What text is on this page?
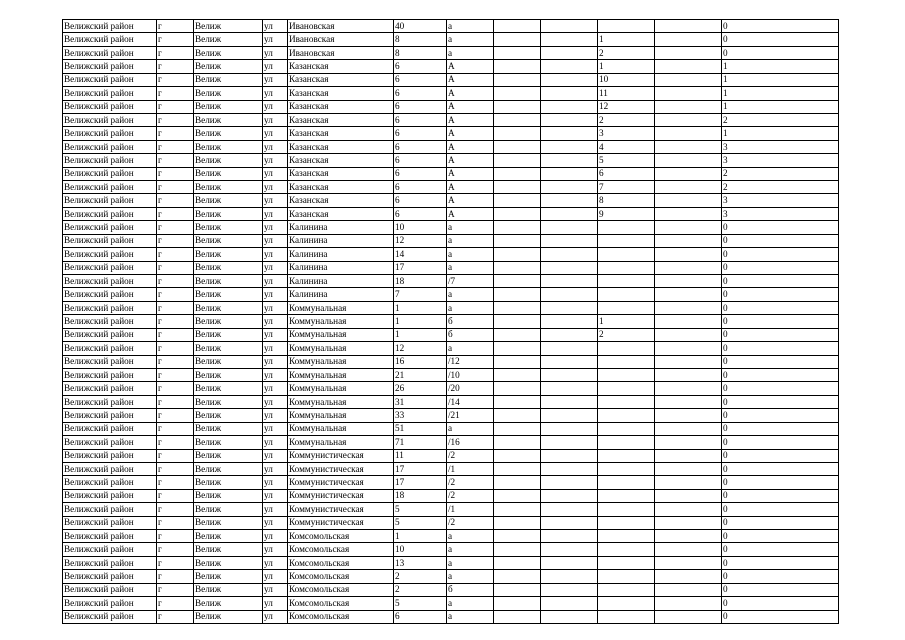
Велижский район	г	Велиж	ул	Ивановская	40	а					0
Велижский район	г	Велиж	ул	Ивановская	8	а			1		0
Велижский район	г	Велиж	ул	Ивановская	8	а			2		0
Велижский район	г	Велиж	ул	Казанская	6	А			1		1
Велижский район	г	Велиж	ул	Казанская	6	А			10		1
Велижский район	г	Велиж	ул	Казанская	6	А			11		1
Велижский район	г	Велиж	ул	Казанская	6	А			12		1
Велижский район	г	Велиж	ул	Казанская	6	А			2		2
Велижский район	г	Велиж	ул	Казанская	6	А			3		1
Велижский район	г	Велиж	ул	Казанская	6	А			4		3
Велижский район	г	Велиж	ул	Казанская	6	А			5		3
Велижский район	г	Велиж	ул	Казанская	6	А			6		2
Велижский район	г	Велиж	ул	Казанская	6	А			7		2
Велижский район	г	Велиж	ул	Казанская	6	А			8		3
Велижский район	г	Велиж	ул	Казанская	6	А			9		3
Велижский район	г	Велиж	ул	Калинина	10	а					0
Велижский район	г	Велиж	ул	Калинина	12	а					0
Велижский район	г	Велиж	ул	Калинина	14	а					0
Велижский район	г	Велиж	ул	Калинина	17	а					0
Велижский район	г	Велиж	ул	Калинина	18	/7					0
Велижский район	г	Велиж	ул	Калинина	7	а					0
Велижский район	г	Велиж	ул	Коммунальная	1	а					0
Велижский район	г	Велиж	ул	Коммунальная	1	б			1		0
Велижский район	г	Велиж	ул	Коммунальная	1	б			2		0
Велижский район	г	Велиж	ул	Коммунальная	12	а					0
Велижский район	г	Велиж	ул	Коммунальная	16	/12					0
Велижский район	г	Велиж	ул	Коммунальная	21	/10					0
Велижский район	г	Велиж	ул	Коммунальная	26	/20					0
Велижский район	г	Велиж	ул	Коммунальная	31	/14					0
Велижский район	г	Велиж	ул	Коммунальная	33	/21					0
Велижский район	г	Велиж	ул	Коммунальная	51	а					0
Велижский район	г	Велиж	ул	Коммунальная	71	/16					0
Велижский район	г	Велиж	ул	Коммунистическая	11	/2					0
Велижский район	г	Велиж	ул	Коммунистическая	17	/1					0
Велижский район	г	Велиж	ул	Коммунистическая	17	/2					0
Велижский район	г	Велиж	ул	Коммунистическая	18	/2					0
Велижский район	г	Велиж	ул	Коммунистическая	5	/1					0
Велижский район	г	Велиж	ул	Коммунистическая	5	/2					0
Велижский район	г	Велиж	ул	Комсомольская	1	а					0
Велижский район	г	Велиж	ул	Комсомольская	10	а					0
Велижский район	г	Велиж	ул	Комсомольская	13	а					0
Велижский район	г	Велиж	ул	Комсомольская	2	а					0
Велижский район	г	Велиж	ул	Комсомольская	2	б					0
Велижский район	г	Велиж	ул	Комсомольская	5	а					0
Велижский район	г	Велиж	ул	Комсомольская	6	а					0
